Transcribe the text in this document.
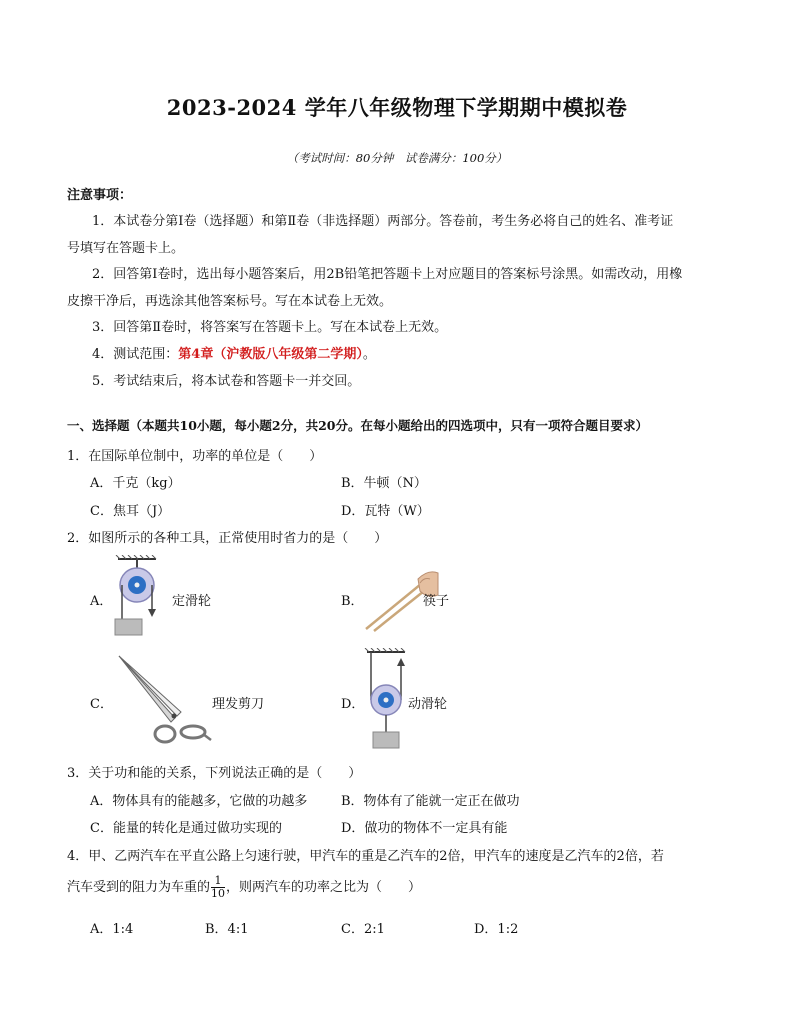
2023-2024 学年八年级物理下学期期中模拟卷
（考试时间：80分钟　试卷满分：100分）
注意事项：
1．本试卷分第Ⅰ卷（选择题）和第Ⅱ卷（非选择题）两部分。答卷前，考生务必将自己的姓名、准考证
号填写在答题卡上。
2．回答第Ⅰ卷时，选出每小题答案后，用2B铅笔把答题卡上对应题目的答案标号涂黑。如需改动，用橡
皮擦干净后，再选涂其他答案标号。写在本试卷上无效。
3．回答第Ⅱ卷时，将答案写在答题卡上。写在本试卷上无效。
4．测试范围：第4章（沪教版八年级第二学期）。
5．考试结束后，将本试卷和答题卡一并交回。
一、选择题（本题共10小题，每小题2分，共20分。在每小题给出的四选项中，只有一项符合题目要求）
1．在国际单位制中，功率的单位是（　　）
A．千克（kg）	B．牛顿（N）
C．焦耳（J）	D．瓦特（W）
2．如图所示的各种工具，正常使用时省力的是（　　）
A．	定滑轮	B．	筷子
C．	理发剪刀	D．	动滑轮
3．关于功和能的关系，下列说法正确的是（　　）
A．物体具有的能越多，它做的功越多	B．物体有了能就一定正在做功
C．能量的转化是通过做功实现的	D．做功的物体不一定具有能
4．甲、乙两汽车在平直公路上匀速行驶，甲汽车的重是乙汽车的2倍，甲汽车的速度是乙汽车的2倍，若
汽车受到的阻力为车重的 $\frac{1}{10}$ ，则两汽车的功率之比为（　　）
A．1:4	B．4:1	C．2:1	D．1:2
